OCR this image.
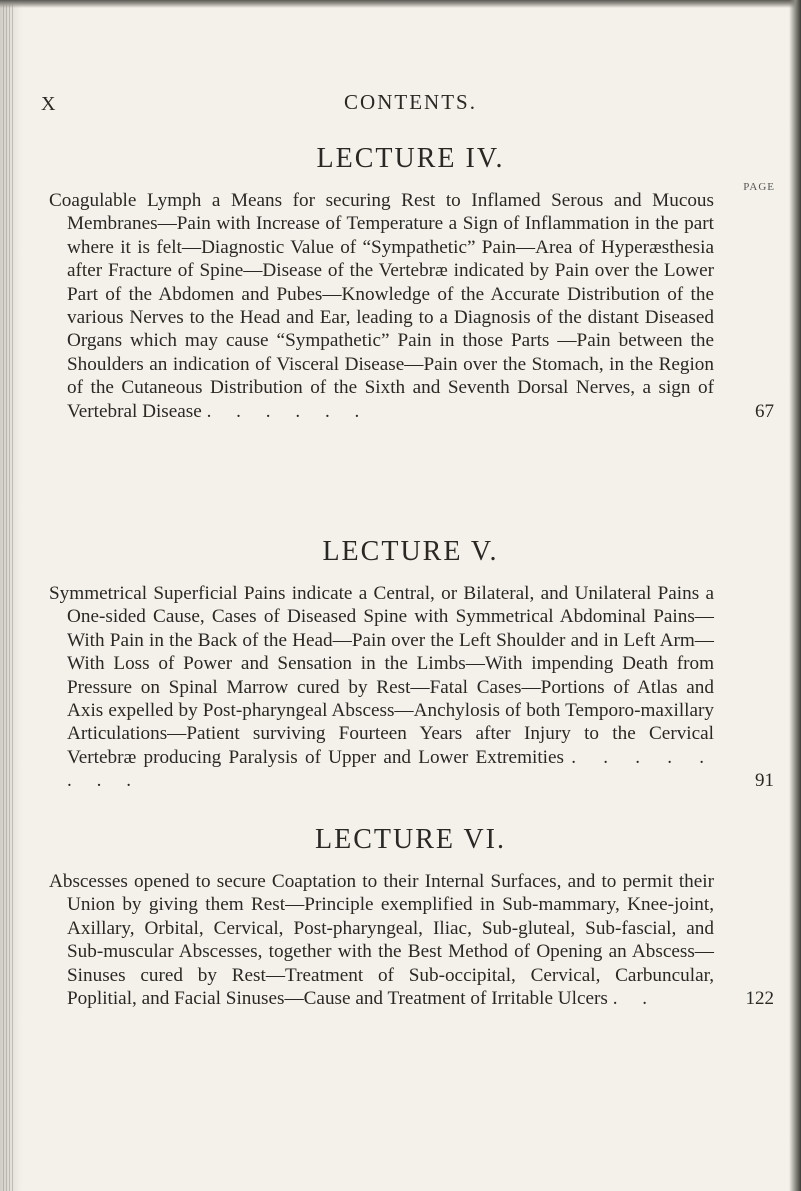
X	CONTENTS.
LECTURE IV.
PAGE
Coagulable Lymph a Means for securing Rest to Inflamed Serous and Mucous Membranes—Pain with Increase of Temperature a Sign of Inflammation in the part where it is felt—Diagnostic Value of “Sympathetic” Pain—Area of Hyperæsthesia after Fracture of Spine—Disease of the Vertebræ indicated by Pain over the Lower Part of the Abdomen and Pubes—Knowledge of the Accurate Distribution of the various Nerves to the Head and Ear, leading to a Diagnosis of the distant Diseased Organs which may cause “Sympathetic” Pain in those Parts —Pain between the Shoulders an indication of Visceral Disease—Pain over the Stomach, in the Region of the Cutaneous Distribution of the Sixth and Seventh Dorsal Nerves, a sign of Vertebral Disease . . . . . .	67
LECTURE V.
Symmetrical Superficial Pains indicate a Central, or Bilateral, and Unilateral Pains a One-sided Cause, Cases of Diseased Spine with Symmetrical Abdominal Pains—With Pain in the Back of the Head—Pain over the Left Shoulder and in Left Arm—With Loss of Power and Sensation in the Limbs—With impending Death from Pressure on Spinal Marrow cured by Rest—Fatal Cases—Portions of Atlas and Axis expelled by Post-pharyngeal Abscess—Anchylosis of both Temporo-maxillary Articulations—Patient surviving Fourteen Years after Injury to the Cervical Vertebræ producing Paralysis of Upper and Lower Extremities . . . . . . . .	91
LECTURE VI.
Abscesses opened to secure Coaptation to their Internal Surfaces, and to permit their Union by giving them Rest—Principle exemplified in Sub-mammary, Knee-joint, Axillary, Orbital, Cervical, Post-pharyngeal, Iliac, Sub-gluteal, Sub-fascial, and Sub-muscular Abscesses, together with the Best Method of Opening an Abscess—Sinuses cured by Rest—Treatment of Sub-occipital, Cervical, Carbuncular, Poplitial, and Facial Sinuses—Cause and Treatment of Irritable Ulcers . .	122
